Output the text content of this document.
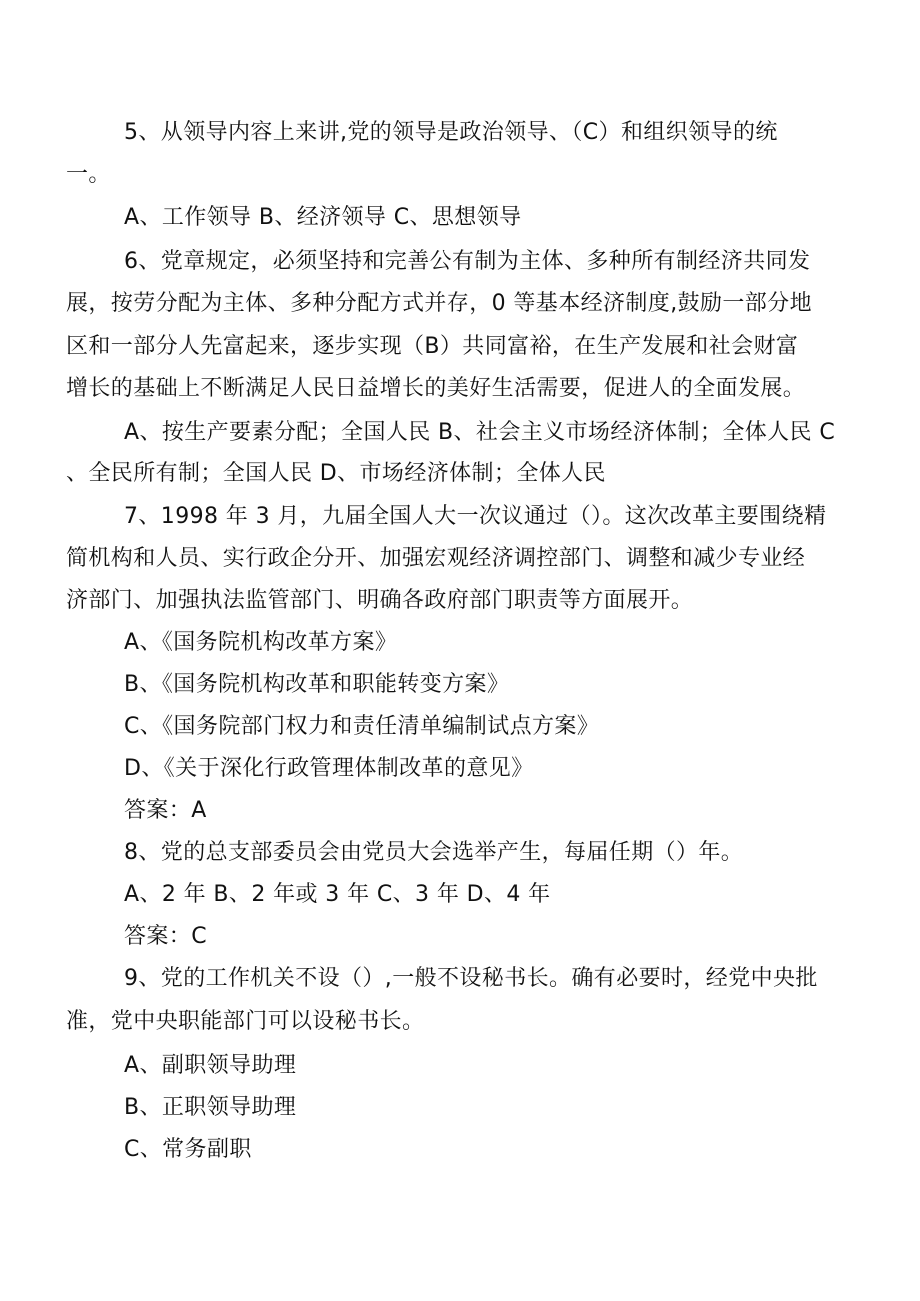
5、从领导内容上来讲,党的领导是政治领导、（C）和组织领导的统

一。

A、工作领导 B、经济领导 C、思想领导

6、党章规定，必须坚持和完善公有制为主体、多种所有制经济共同发

展，按劳分配为主体、多种分配方式并存，0 等基本经济制度,鼓励一部分地

区和一部分人先富起来，逐步实现（B）共同富裕，在生产发展和社会财富

增长的基础上不断满足人民日益增长的美好生活需要，促进人的全面发展。

A、按生产要素分配；全国人民 B、社会主义市场经济体制；全体人民 C

、全民所有制；全国人民 D、市场经济体制；全体人民

7、1998 年 3 月，九届全国人大一次议通过（）。这次改革主要围绕精

简机构和人员、实行政企分开、加强宏观经济调控部门、调整和减少专业经

济部门、加强执法监管部门、明确各政府部门职责等方面展开。

A、《国务院机构改革方案》

B、《国务院机构改革和职能转变方案》

C、《国务院部门权力和责任清单编制试点方案》

D、《关于深化行政管理体制改革的意见》

答案：A

8、党的总支部委员会由党员大会选举产生，每届任期（）年。

A、2 年 B、2 年或 3 年 C、3 年 D、4 年

答案：C

9、党的工作机关不设（）,一般不设秘书长。确有必要时，经党中央批

准，党中央职能部门可以设秘书长。

A、副职领导助理

B、正职领导助理

C、常务副职
